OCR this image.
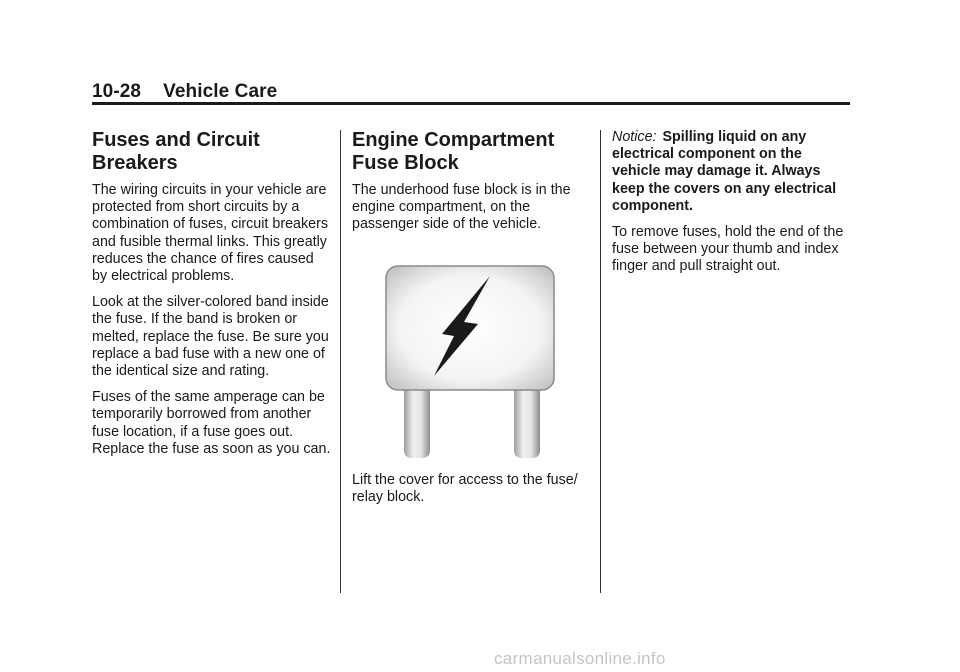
10-28 Vehicle Care
Fuses and Circuit Breakers

The wiring circuits in your vehicle are protected from short circuits by a combination of fuses, circuit breakers and fusible thermal links. This greatly reduces the chance of fires caused by electrical problems.

Look at the silver-colored band inside the fuse. If the band is broken or melted, replace the fuse. Be sure you replace a bad fuse with a new one of the identical size and rating.

Fuses of the same amperage can be temporarily borrowed from another fuse location, if a fuse goes out. Replace the fuse as soon as you can.

Engine Compartment Fuse Block

The underhood fuse block is in the engine compartment, on the passenger side of the vehicle.

Lift the cover for access to the fuse/ relay block.

Notice: Spilling liquid on any electrical component on the vehicle may damage it. Always keep the covers on any electrical component.

To remove fuses, hold the end of the fuse between your thumb and index finger and pull straight out.

carmanualsonline.info
